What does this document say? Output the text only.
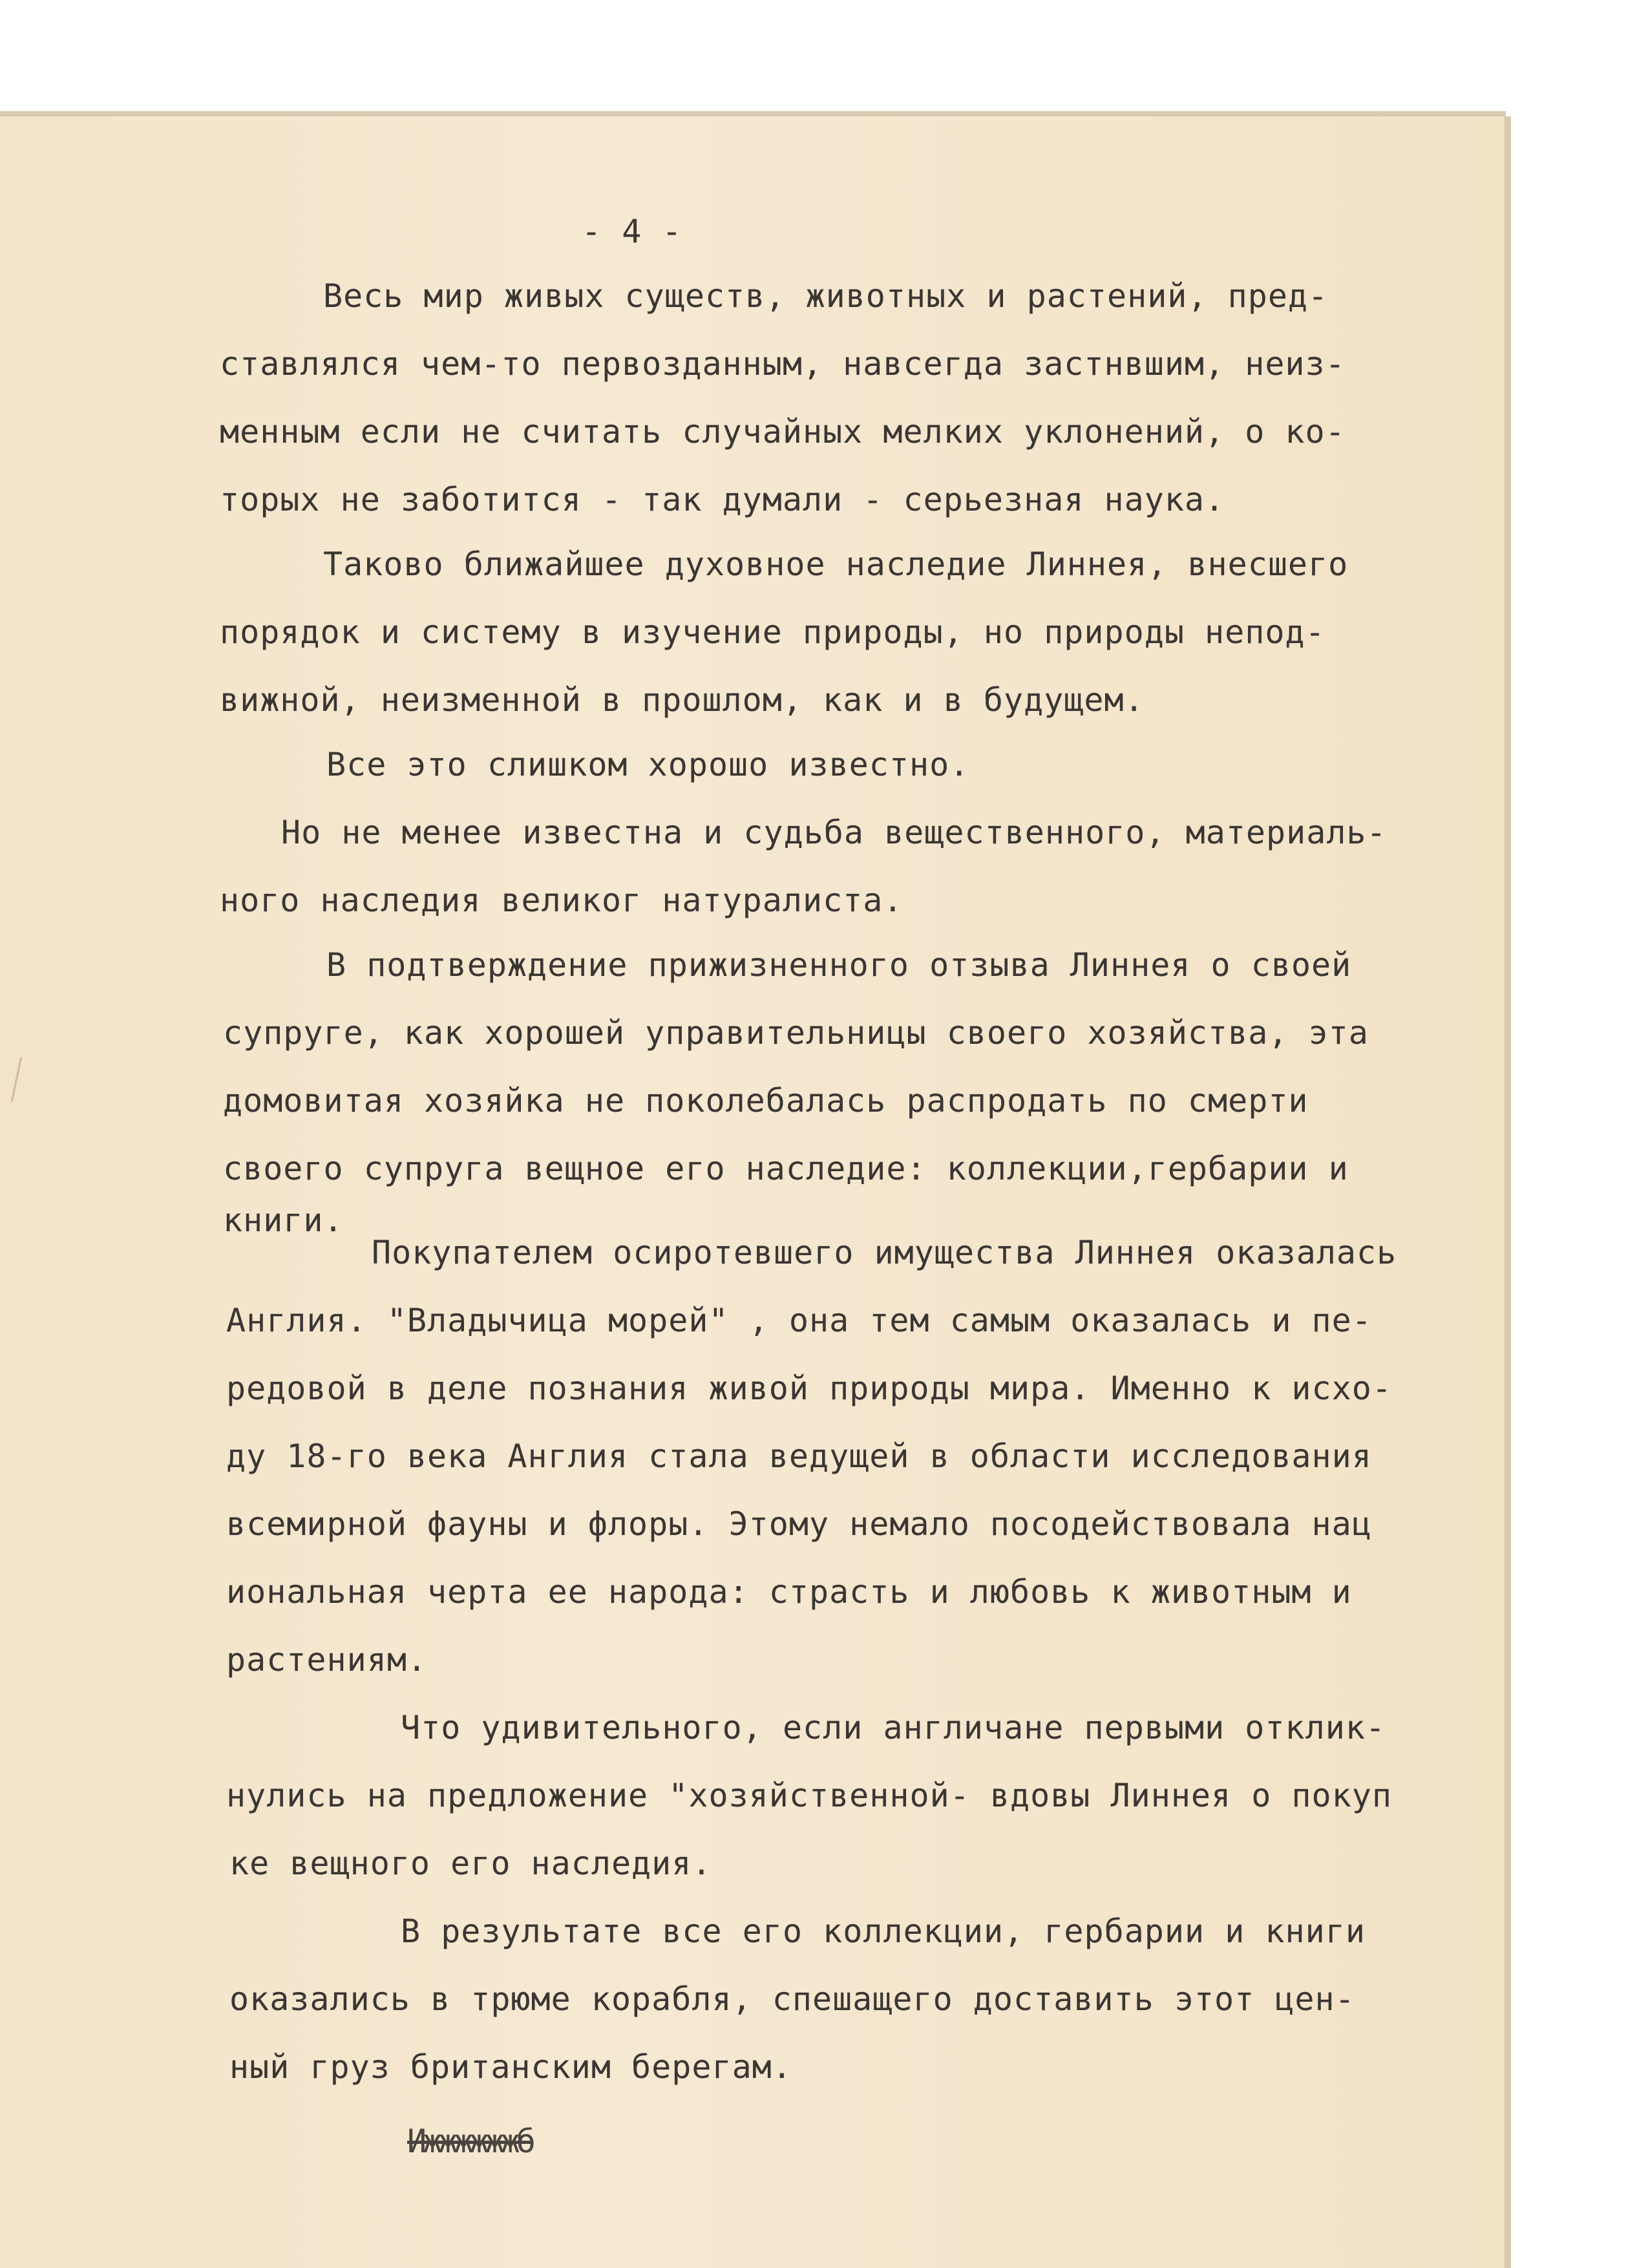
- 4 -
Весь мир живых существ, животных и растений, пред-
ставлялся чем-то первозданным, навсегда застнвшим, неиз-
менным если не считать случайных мелких уклонений, о ко-
торых не заботится - так думали - серьезная наука.
Таково ближайшее духовное наследие Линнея, внесшего
порядок и систему в изучение природы, но природы непод-
вижной, неизменной в прошлом, как и в будущем.
Все это слишком хорошо известно.
Но не менее известна и судьба вещественного, материаль-
ного наследия великог натуралиста.
В подтверждение прижизненного отзыва Линнея о своей
супруге, как хорошей управительницы своего хозяйства, эта
домовитая хозяйка не поколебалась распродать по смерти
своего супруга вещное его наследие: коллекции,гербарии и
книги.
Покупателем осиротевшего имущества Линнея оказалась
Англия. "Владычица морей" , она тем самым оказалась и пе-
редовой в деле познания живой природы мира. Именно к исхо-
ду 18-го века Англия стала ведущей в области исследования
всемирной фауны и флоры. Этому немало посодействовала нац
иональная черта ее народа: страсть и любовь к животным и
растениям.
Что удивительного, если англичане первыми отклик-
нулись на предложение "хозяйственной- вдовы Линнея о покуп
ке вещного его наследия.
В результате все его коллекции, гербарии и книги
оказались в трюме корабля, спешащего доставить этот цен-
ный груз британским берегам.
Ижжжжжжб
